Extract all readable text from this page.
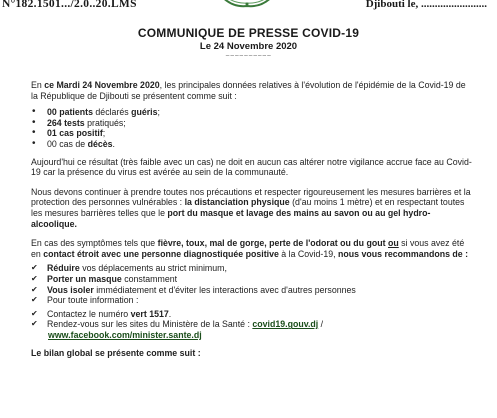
N°182.1501.../2.0..20.LMS	Djibouti le, ........................
COMMUNIQUE DE PRESSE COVID-19
Le 24 Novembre 2020
~~~~~~~~~~

En ce Mardi 24 Novembre 2020, les principales données relatives à l'évolution de l'épidémie de la Covid-19 de la République de Djibouti se présentent comme suit :

• 00 patients déclarés guéris;
• 264 tests pratiqués;
• 01 cas positif;
• 00 cas de décès.

Aujourd'hui ce résultat (très faible avec un cas) ne doit en aucun cas altérer notre vigilance accrue face au Covid-19 car la présence du virus est avérée au sein de la communauté.

Nous devons continuer à prendre toutes nos précautions et respecter rigoureusement les mesures barrières et la protection des personnes vulnérables : la distanciation physique (d'au moins 1 mètre) et en respectant toutes les mesures barrières telles que le port du masque et lavage des mains au savon ou au gel hydro-alcoolique.

En cas des symptômes tels que fièvre, toux, mal de gorge, perte de l'odorat ou du gout ou si vous avez été en contact étroit avec une personne diagnostiquée positive à la Covid-19, nous vous recommandons de :

✔ Réduire vos déplacements au strict minimum,
✔ Porter un masque constamment
✔ Vous isoler immédiatement et d'éviter les interactions avec d'autres personnes
✔ Pour toute information :
✔ Contactez le numéro vert 1517.
✔ Rendez-vous sur les sites du Ministère de la Santé : covid19.gouv.dj /
www.facebook.com/minister.sante.dj
Le bilan global se présente comme suit :
